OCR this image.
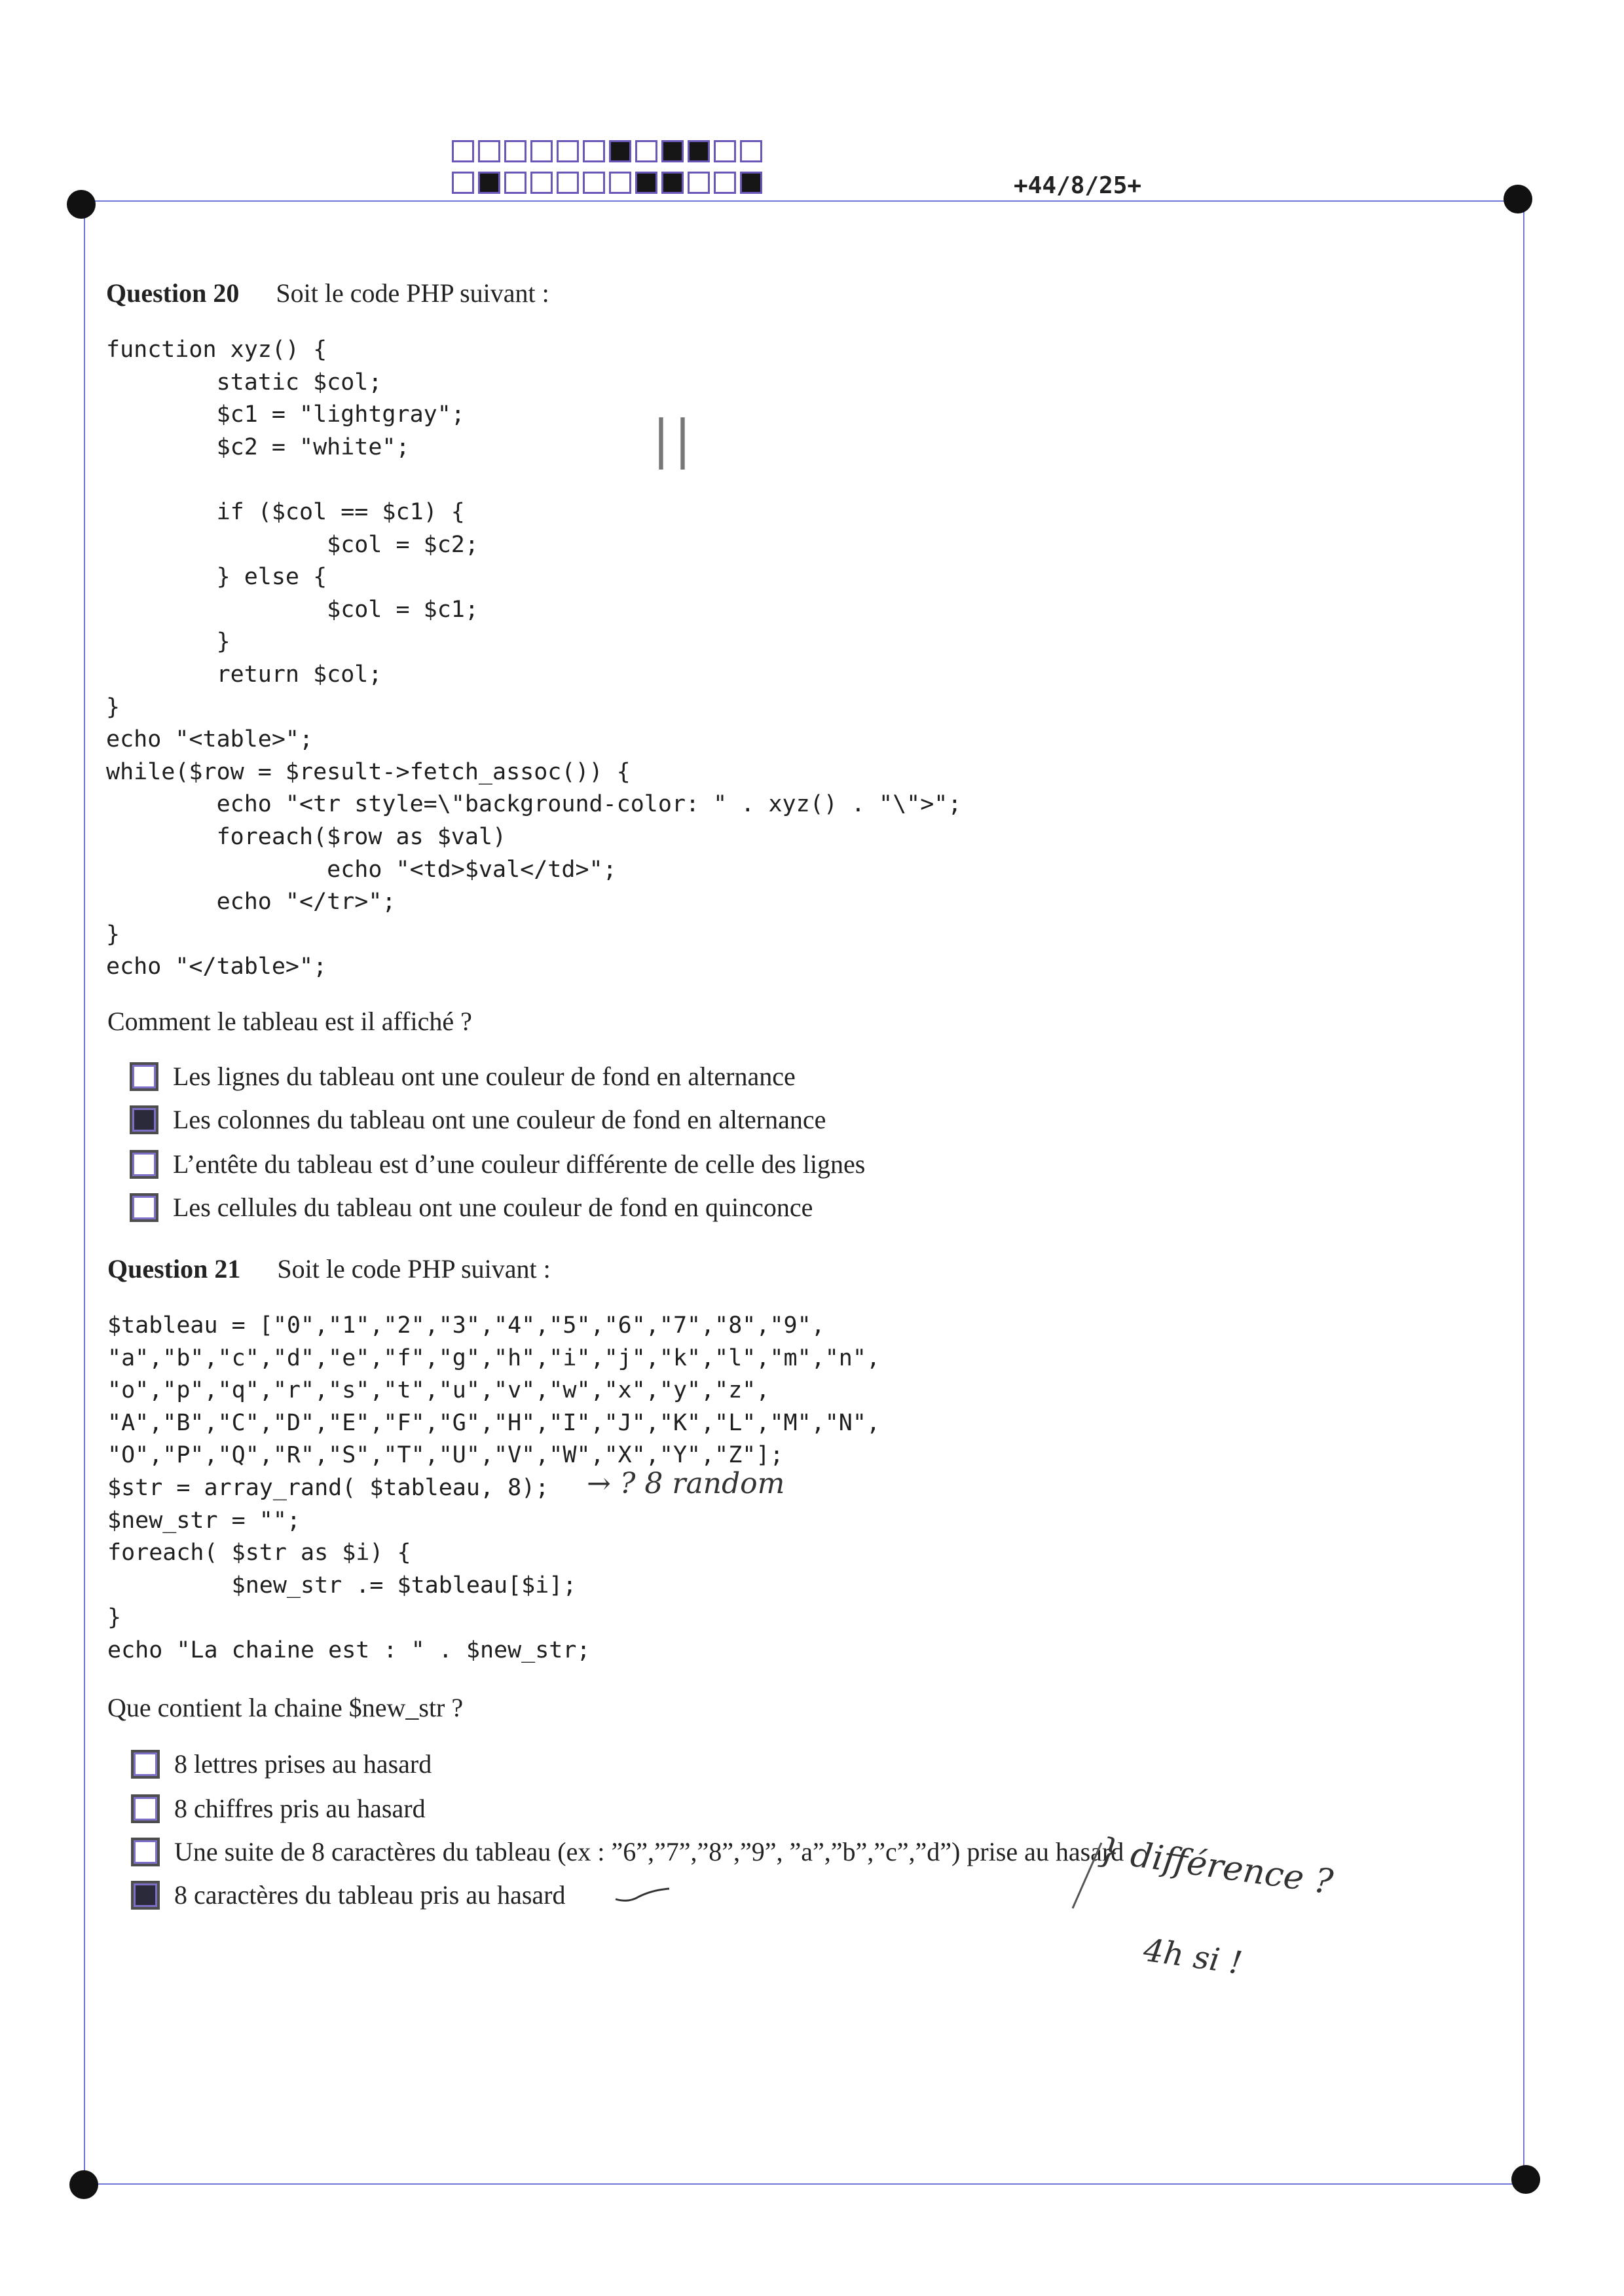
+44/8/25+
Question 20 Soit le code PHP suivant :
function xyz() {
static $col;
$c1 = "lightgray";
$c2 = "white";

if ($col == $c1) {
$col = $c2;
} else {
$col = $c1;
}
return $col;
}
echo "<table>";
while($row = $result->fetch_assoc()) {
echo "<tr style=\"background-color: " . xyz() . "\">";
foreach($row as $val)
echo "<td>$val</td>";
echo "</tr>";
}
echo "</table>";
Comment le tableau est il affiché ?
Les lignes du tableau ont une couleur de fond en alternance
Les colonnes du tableau ont une couleur de fond en alternance
L’entête du tableau est d’une couleur différente de celle des lignes
Les cellules du tableau ont une couleur de fond en quinconce
Question 21 Soit le code PHP suivant :
$tableau = ["0","1","2","3","4","5","6","7","8","9",
"a","b","c","d","e","f","g","h","i","j","k","l","m","n",
"o","p","q","r","s","t","u","v","w","x","y","z",
"A","B","C","D","E","F","G","H","I","J","K","L","M","N",
"O","P","Q","R","S","T","U","V","W","X","Y","Z"];
$str = array_rand( $tableau, 8);
$new_str = "";
foreach( $str as $i) {
$new_str .= $tableau[$i];
}
echo "La chaine est : " . $new_str;
Que contient la chaine $new_str ?
8 lettres prises au hasard
8 chiffres pris au hasard
Une suite de 8 caractères du tableau (ex : ”6”,”7”,”8”,”9”, ”a”,”b”,”c”,”d”) prise au hasard
8 caractères du tableau pris au hasard
||
→ ? 8 random
} différence ?
4h si !
